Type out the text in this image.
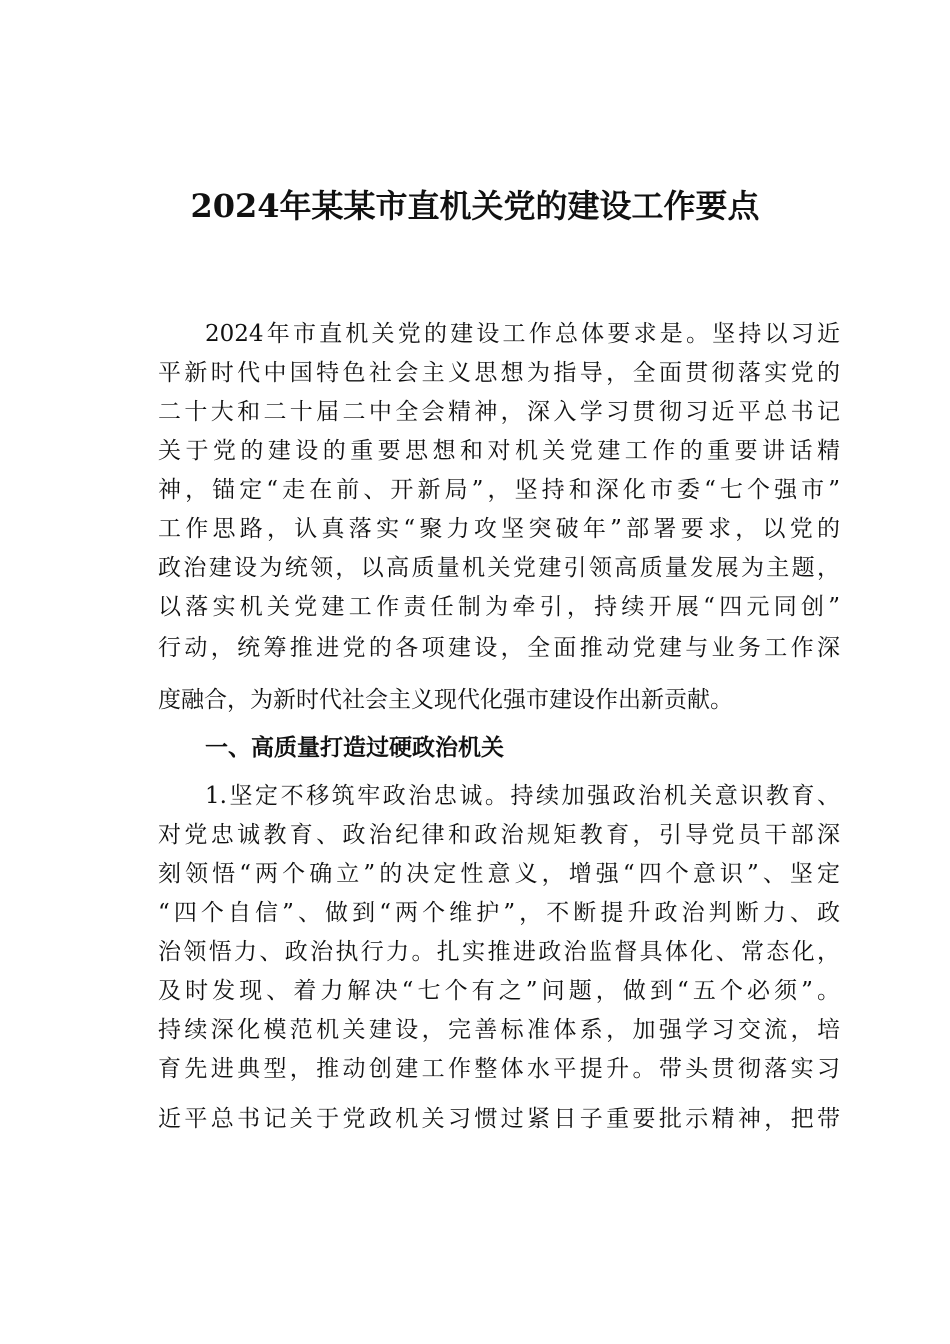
2024年某某市直机关党的建设工作要点
2024年市直机关党的建设工作总体要求是。坚持以习近
平新时代中国特色社会主义思想为指导，全面贯彻落实党的
二十大和二十届二中全会精神，深入学习贯彻习近平总书记
关于党的建设的重要思想和对机关党建工作的重要讲话精
神，锚定“走在前、开新局”，坚持和深化市委“七个强市”
工作思路，认真落实“聚力攻坚突破年”部署要求，以党的
政治建设为统领，以高质量机关党建引领高质量发展为主题，
以落实机关党建工作责任制为牵引，持续开展“四元同创”
行动，统筹推进党的各项建设，全面推动党建与业务工作深
度融合，为新时代社会主义现代化强市建设作出新贡献。
一、高质量打造过硬政治机关
1.坚定不移筑牢政治忠诚。持续加强政治机关意识教育、
对党忠诚教育、政治纪律和政治规矩教育，引导党员干部深
刻领悟“两个确立”的决定性意义，增强“四个意识”、坚定
“四个自信”、做到“两个维护”，不断提升政治判断力、政
治领悟力、政治执行力。扎实推进政治监督具体化、常态化，
及时发现、着力解决“七个有之”问题，做到“五个必须”。
持续深化模范机关建设，完善标准体系，加强学习交流，培
育先进典型，推动创建工作整体水平提升。带头贯彻落实习
近平总书记关于党政机关习惯过紧日子重要批示精神，把带
